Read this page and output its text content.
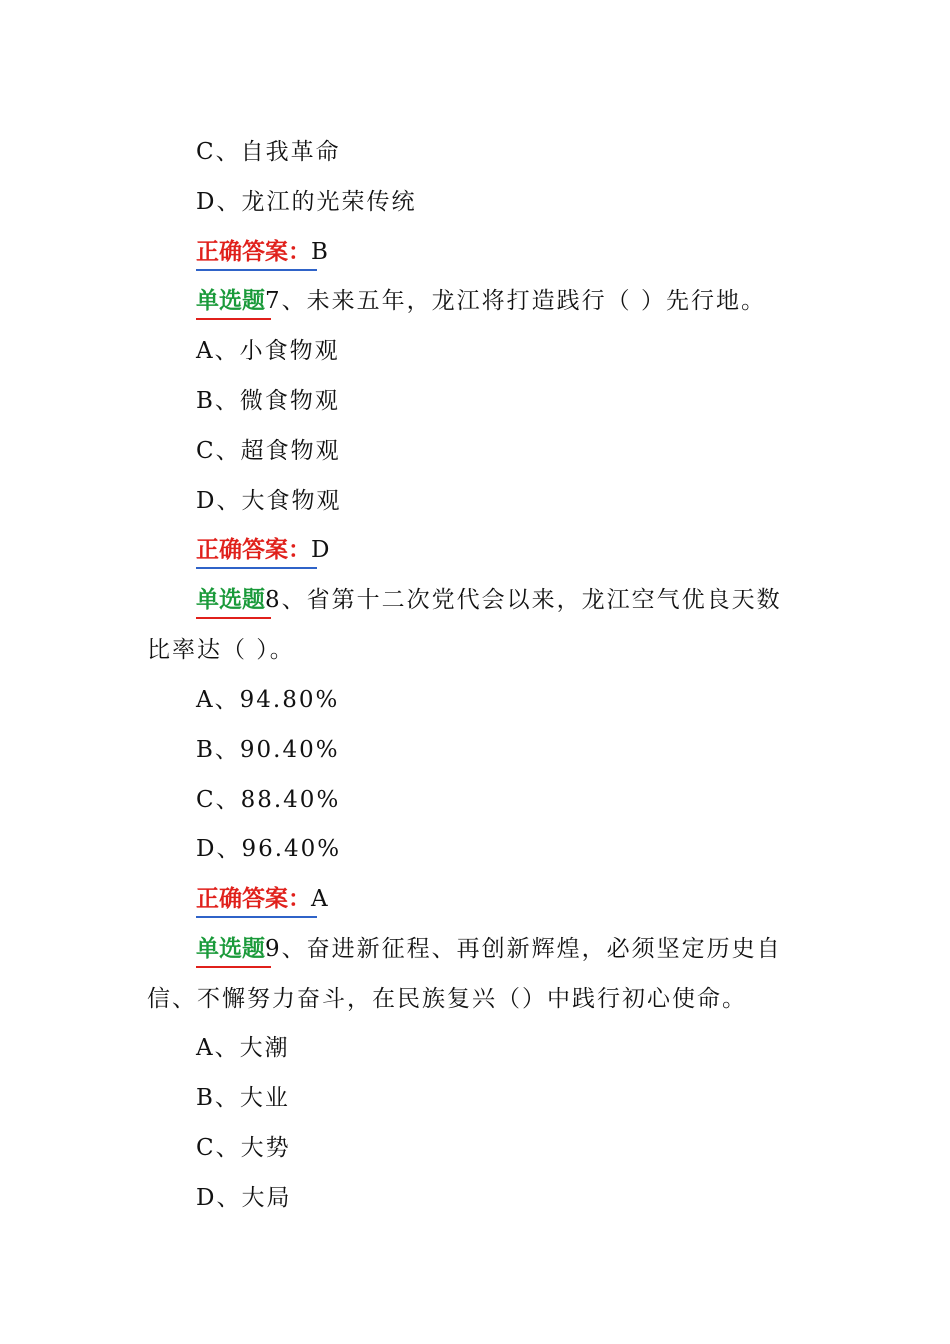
C、自我革命
D、龙江的光荣传统
正确答案：B
单选题7、未来五年，龙江将打造践行（ ）先行地。
A、小食物观
B、微食物观
C、超食物观
D、大食物观
正确答案：D
单选题8、省第十二次党代会以来，龙江空气优良天数
比率达（ ）。
A、94.80%
B、90.40%
C、88.40%
D、96.40%
正确答案：A
单选题9、奋进新征程、再创新辉煌，必须坚定历史自
信、不懈努力奋斗，在民族复兴（）中践行初心使命。
A、大潮
B、大业
C、大势
D、大局
